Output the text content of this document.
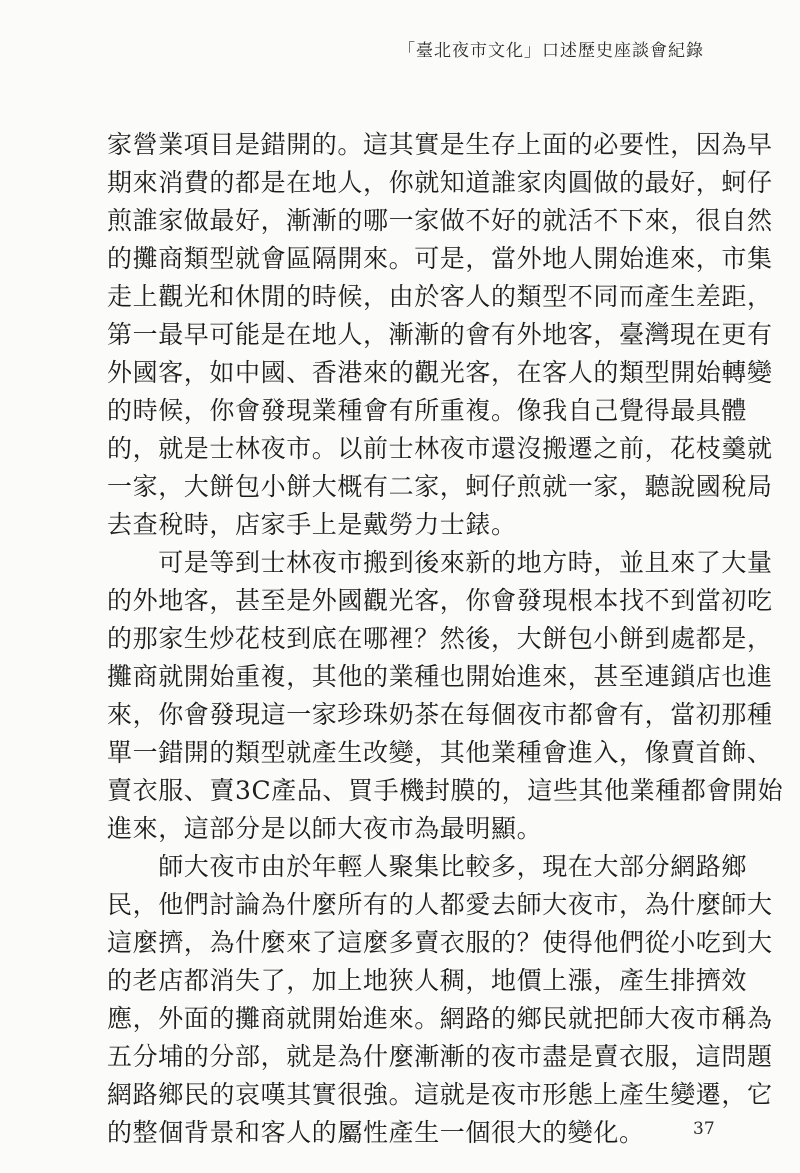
「臺北夜市文化」口述歷史座談會紀錄
家營業項目是錯開的。這其實是生存上面的必要性，因為早
期來消費的都是在地人，你就知道誰家肉圓做的最好，蚵仔
煎誰家做最好，漸漸的哪一家做不好的就活不下來，很自然
的攤商類型就會區隔開來。可是，當外地人開始進來，市集
走上觀光和休閒的時候，由於客人的類型不同而產生差距，
第一最早可能是在地人，漸漸的會有外地客，臺灣現在更有
外國客，如中國、香港來的觀光客，在客人的類型開始轉變
的時候，你會發現業種會有所重複。像我自己覺得最具體
的，就是士林夜市。以前士林夜市還沒搬遷之前，花枝羹就
一家，大餅包小餅大概有二家，蚵仔煎就一家，聽說國稅局
去查稅時，店家手上是戴勞力士錶。
　　可是等到士林夜市搬到後來新的地方時，並且來了大量
的外地客，甚至是外國觀光客，你會發現根本找不到當初吃
的那家生炒花枝到底在哪裡？然後，大餅包小餅到處都是，
攤商就開始重複，其他的業種也開始進來，甚至連鎖店也進
來，你會發現這一家珍珠奶茶在每個夜市都會有，當初那種
單一錯開的類型就產生改變，其他業種會進入，像賣首飾、
賣衣服、賣3C產品、買手機封膜的，這些其他業種都會開始
進來，這部分是以師大夜市為最明顯。
　　師大夜市由於年輕人聚集比較多，現在大部分網路鄉
民，他們討論為什麼所有的人都愛去師大夜市，為什麼師大
這麼擠，為什麼來了這麼多賣衣服的？使得他們從小吃到大
的老店都消失了，加上地狹人稠，地價上漲，產生排擠效
應，外面的攤商就開始進來。網路的鄉民就把師大夜市稱為
五分埔的分部，就是為什麼漸漸的夜市盡是賣衣服，這問題
網路鄉民的哀嘆其實很強。這就是夜市形態上產生變遷，它
的整個背景和客人的屬性產生一個很大的變化。	37
